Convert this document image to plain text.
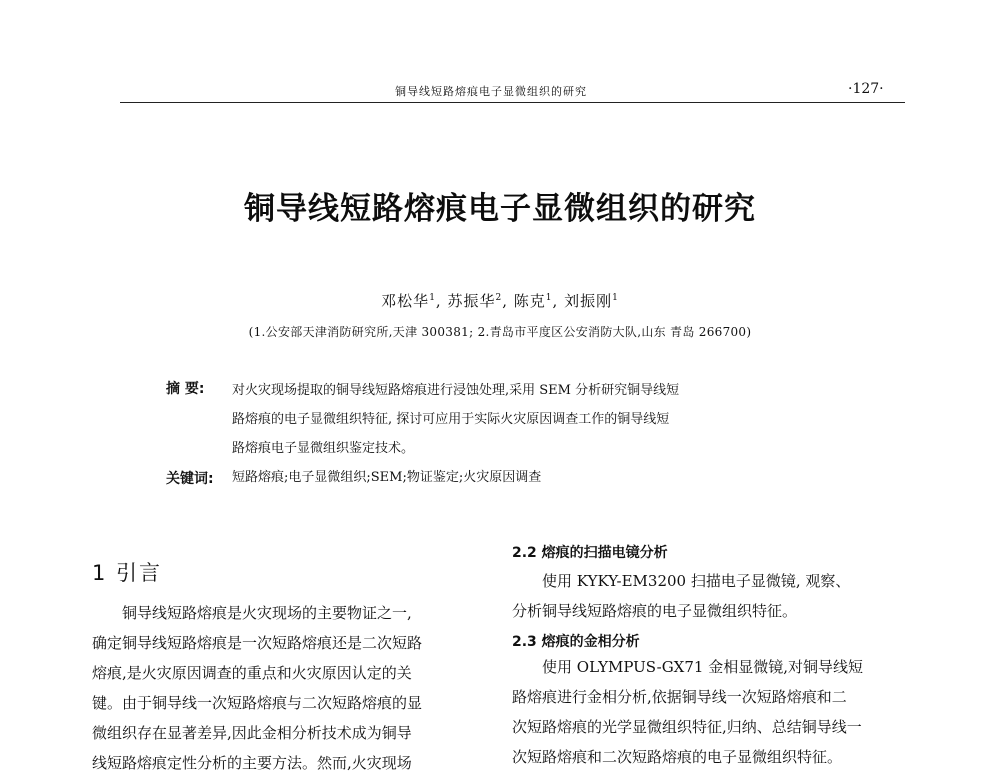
铜导线短路熔痕电子显微组织的研究	·127·
铜导线短路熔痕电子显微组织的研究
邓松华$^1$, 苏振华$^2$, 陈克$^1$, 刘振刚$^1$
(1.公安部天津消防研究所,天津 300381; 2.青岛市平度区公安消防大队,山东 青岛 266700)
摘 要: 对火灾现场提取的铜导线短路熔痕进行浸蚀处理,采用 SEM 分析研究铜导线短
路熔痕的电子显微组织特征, 探讨可应用于实际火灾原因调查工作的铜导线短
路熔痕电子显微组织鉴定技术。
关键词: 短路熔痕;电子显微组织;SEM;物证鉴定;火灾原因调查
1 引言
铜导线短路熔痕是火灾现场的主要物证之一,
确定铜导线短路熔痕是一次短路熔痕还是二次短路
熔痕,是火灾原因调查的重点和火灾原因认定的关
键。由于铜导线一次短路熔痕与二次短路熔痕的显
微组织存在显著差异,因此金相分析技术成为铜导
线短路熔痕定性分析的主要方法。然而,火灾现场
2.2 熔痕的扫描电镜分析
使用 KYKY-EM3200 扫描电子显微镜, 观察、
分析铜导线短路熔痕的电子显微组织特征。
2.3 熔痕的金相分析
使用 OLYMPUS-GX71 金相显微镜,对铜导线短
路熔痕进行金相分析,依据铜导线一次短路熔痕和二
次短路熔痕的光学显微组织特征,归纳、总结铜导线一
次短路熔痕和二次短路熔痕的电子显微组织特征。
